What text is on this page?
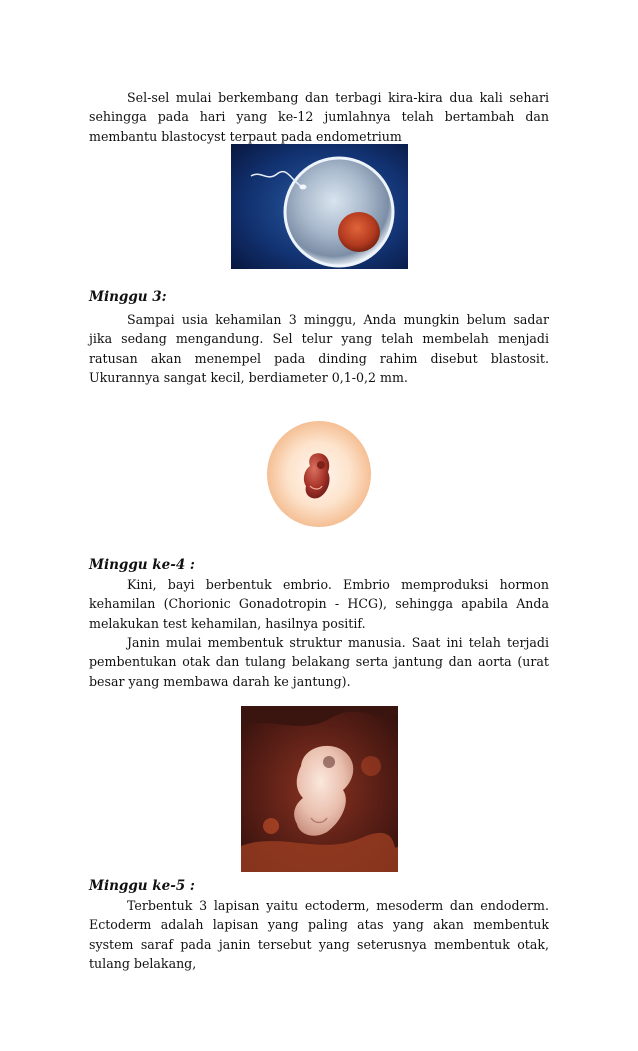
Sel-sel mulai berkembang dan terbagi kira-kira dua kali sehari sehingga pada hari yang ke-12 jumlahnya telah bertambah dan membantu blastocyst terpaut pada endometrium

Minggu 3:

Sampai usia kehamilan 3 minggu, Anda mungkin belum sadar jika sedang mengandung. Sel telur yang telah membelah menjadi ratusan akan menempel pada dinding rahim disebut blastosit. Ukurannya sangat kecil, berdiameter 0,1-0,2 mm.

Minggu ke-4 :

Kini, bayi berbentuk embrio. Embrio memproduksi hormon kehamilan (Chorionic Gonadotropin - HCG), sehingga apabila Anda melakukan test kehamilan, hasilnya positif.

Janin mulai membentuk struktur manusia. Saat ini telah terjadi pembentukan otak dan tulang belakang serta jantung dan aorta (urat besar yang membawa darah ke jantung).

Minggu ke-5 :

Terbentuk 3 lapisan yaitu ectoderm, mesoderm dan endoderm. Ectoderm adalah lapisan yang paling atas yang akan membentuk system saraf pada janin tersebut yang seterusnya membentuk otak, tulang belakang,
